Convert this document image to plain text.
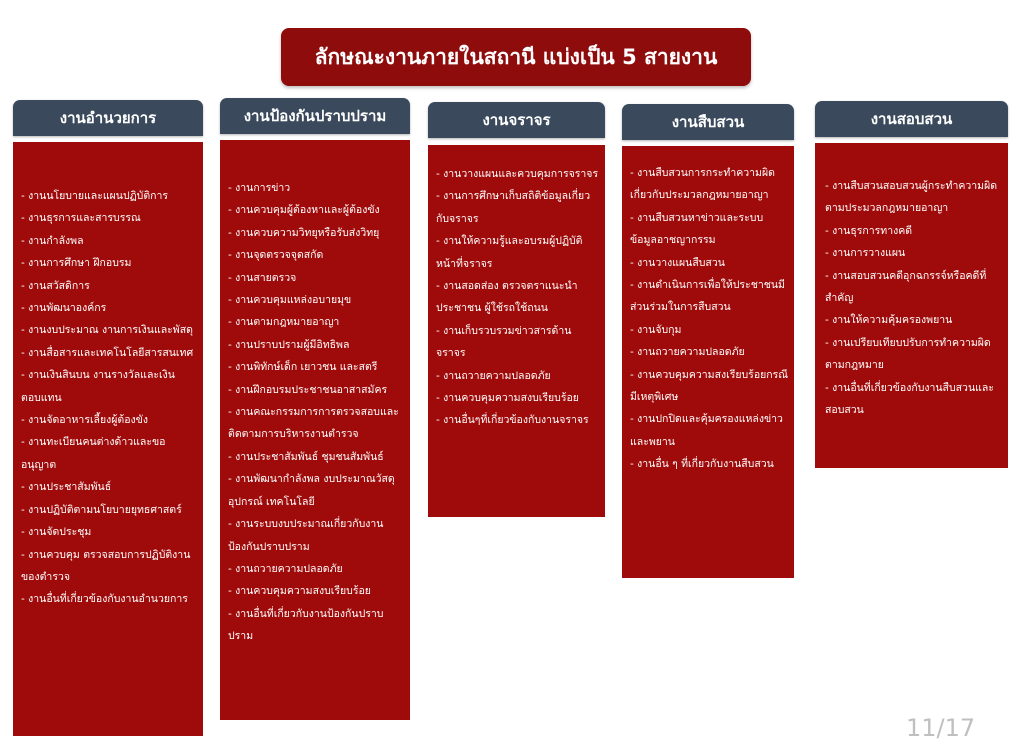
ลักษณะงานภายในสถานี แบ่งเป็น 5 สายงาน
งานอำนวยการ
- งานนโยบายและแผนปฏิบัติการ
- งานธุรการและสารบรรณ
- งานกำลังพล
- งานการศึกษา ฝึกอบรม
- งานสวัสดิการ
- งานพัฒนาองค์กร
- งานงบประมาณ งานการเงินและพัสดุ
- งานสื่อสารและเทคโนโลยีสารสนเทศ
- งานเงินสินบน งานรางวัลและเงินตอบแทน
- งานจัดอาหารเลี้ยงผู้ต้องขัง
- งานทะเบียนคนต่างด้าวและขออนุญาต
- งานประชาสัมพันธ์
- งานปฏิบัติตามนโยบายยุทธศาสตร์
- งานจัดประชุม
- งานควบคุม ตรวจสอบการปฏิบัติงานของตำรวจ
- งานอื่นที่เกี่ยวข้องกับงานอำนวยการ
งานป้องกันปราบปราม
- งานการข่าว
- งานควบคุมผู้ต้องหาและผู้ต้องขัง
- งานควบความวิทยุหรือรับส่งวิทยุ
- งานจุดตรวจจุดสกัด
- งานสายตรวจ
- งานควบคุมแหล่งอบายมุข
- งานตามกฎหมายอาญา
- งานปราบปรามผู้มีอิทธิพล
- งานพิทักษ์เด็ก เยาวชน และสตรี
- งานฝึกอบรมประชาชนอาสาสมัคร
- งานคณะกรรมการการตรวจสอบและติดตามการบริหารงานตำรวจ
- งานประชาสัมพันธ์ ชุมชนสัมพันธ์
- งานพัฒนากำลังพล งบประมาณวัสดุ อุปกรณ์ เทคโนโลยี
- งานระบบงบประมาณเกี่ยวกับงานป้องกันปราบปราม
- งานถวายความปลอดภัย
- งานควบคุมความสงบเรียบร้อย
- งานอื่นที่เกี่ยวกับงานป้องกันปราบปราม
งานจราจร
- งานวางแผนและควบคุมการจราจร
- งานการศึกษาเก็บสถิติข้อมูลเกี่ยวกับจราจร
- งานให้ความรู้และอบรมผู้ปฏิบัติหน้าที่จราจร
- งานสอดส่อง ตรวจตราแนะนำประชาชน ผู้ใช้รถใช้ถนน
- งานเก็บรวบรวมข่าวสารด้านจราจร
- งานถวายความปลอดภัย
- งานควบคุมความสงบเรียบร้อย
- งานอื่นๆที่เกี่ยวข้องกับงานจราจร
งานสืบสวน
- งานสืบสวนการกระทำความผิดเกี่ยวกับประมวลกฎหมายอาญา
- งานสืบสวนหาข่าวและระบบข้อมูลอาชญากรรม
- งานวางแผนสืบสวน
- งานดำเนินการเพื่อให้ประชาชนมีส่วนร่วมในการสืบสวน
- งานจับกุม
- งานถวายความปลอดภัย
- งานควบคุมความสงเรียบร้อยกรณีมีเหตุพิเศษ
- งานปกปิดและคุ้มครองแหล่งข่าวและพยาน
- งานอื่น ๆ ที่เกี่ยวกับงานสืบสวน
งานสอบสวน
- งานสืบสวนสอบสวนผู้กระทำความผิดตามประมวลกฎหมายอาญา
- งานธุรการทางคดี
- งานการวางแผน
- งานสอบสวนคดีอุกฉกรรจ์หรือคดีที่สำคัญ
- งานให้ความคุ้มครองพยาน
- งานเปรียบเทียบปรับการทำความผิดตามกฎหมาย
- งานอื่นที่เกี่ยวข้องกับงานสืบสวนและสอบสวน
11/17
